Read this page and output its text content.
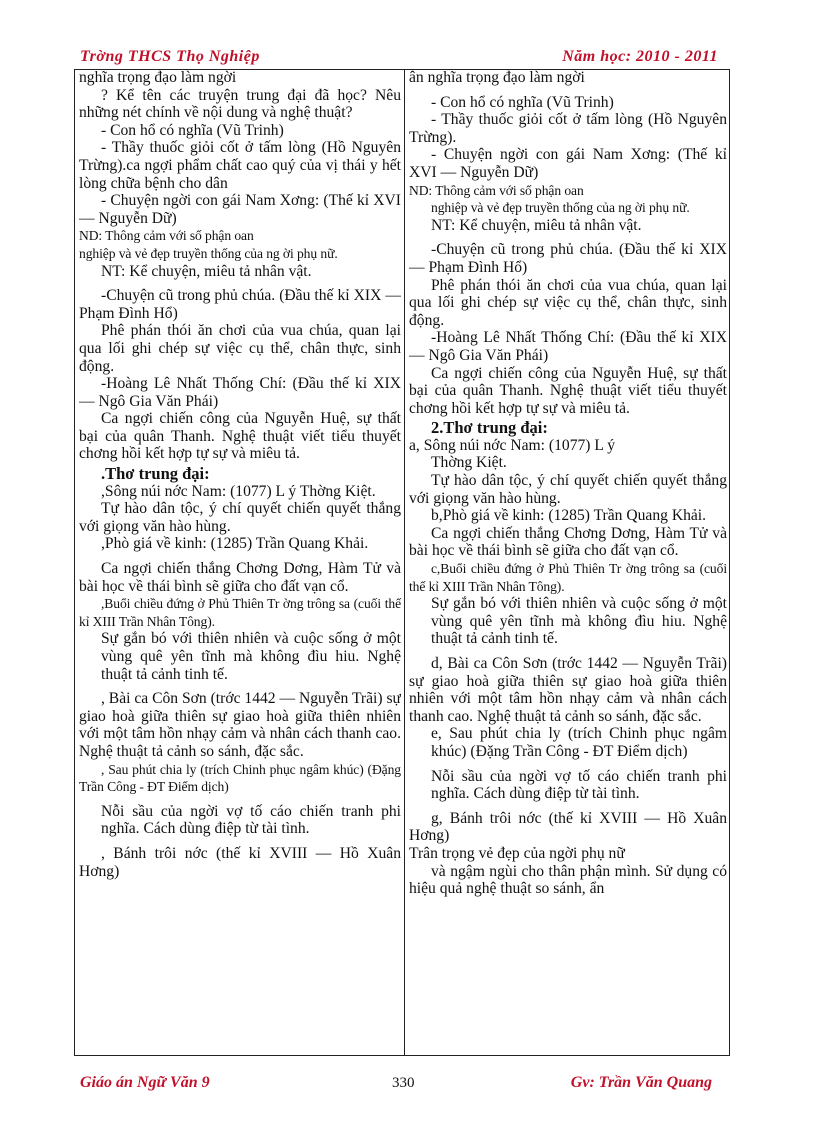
Trờng THCS Thọ Nghiệp	Năm học: 2010 - 2011

nghĩa trọng đạo làm ngời

? Kể tên các truyện trung đại đã học? Nêu những nét chính về nội dung và nghệ thuật?

- Con hổ có nghĩa (Vũ Trinh)

- Thầy thuốc giỏi cốt ở tấm lòng (Hồ Nguyên Trừng).ca ngợi phẩm chất cao quý của vị thái y hết lòng chữa bệnh cho dân

- Chuyện ngời con gái Nam Xơng: (Thế kỉ XVI — Nguyễn Dữ)

ND: Thông cảm với số phận oan

nghiệp và vẻ đẹp truyền thống của ng ời phụ nữ.

NT: Kể chuyện, miêu tả nhân vật.

-Chuyện cũ trong phủ chúa. (Đầu thế kỉ XIX — Phạm Đình Hổ)

Phê phán thói ăn chơi của vua chúa, quan lại qua lối ghi chép sự việc cụ thể, chân thực, sinh động.

-Hoàng Lê Nhất Thống Chí: (Đầu thế kỉ XIX — Ngô Gia Văn Phái)

Ca ngợi chiến công của Nguyễn Huệ, sự thất bại của quân Thanh. Nghệ thuật viết tiểu thuyết chơng hồi kết hợp tự sự và miêu tả.

.Thơ trung đại:

,Sông núi nớc Nam: (1077) L ý Thờng Kiệt.

Tự hào dân tộc, ý chí quyết chiến quyết thắng với giọng văn hào hùng.

,Phò giá về kinh: (1285) Trần Quang Khải.

Ca ngợi chiến thắng Chơng Dơng, Hàm Tử và bài học về thái bình sẽ giữa cho đất vạn cổ.

,Buổi chiều đứng ở Phủ Thiên Tr ờng trông sa (cuối thế kỉ XIII Trần Nhân Tông).

Sự gắn bó với thiên nhiên và cuộc sống ở một vùng quê yên tĩnh mà không đìu hiu. Nghệ thuật tả cảnh tinh tế.

, Bài ca Côn Sơn (trớc 1442 — Nguyễn Trãi) sự giao hoà giữa thiên sự giao hoà giữa thiên nhiên với một tâm hồn nhạy cảm và nhân cách thanh cao. Nghệ thuật tả cảnh so sánh, đặc sắc.

, Sau phút chia ly (trích Chinh phục ngâm khúc) (Đặng Trần Công - ĐT Điểm dịch)

Nỗi sầu của ngời vợ tố cáo chiến tranh phi nghĩa. Cách dùng điệp từ tài tình.

, Bánh trôi nớc (thế kỉ XVIII — Hồ Xuân Hơng)

ân nghĩa trọng đạo làm ngời

- Con hổ có nghĩa (Vũ Trinh)

- Thầy thuốc giỏi cốt ở tấm lòng (Hồ Nguyên Trừng).

- Chuyện ngời con gái Nam Xơng: (Thế kỉ XVI — Nguyễn Dữ)

ND: Thông cảm với số phận oan

nghiệp và vẻ đẹp truyền thống của ng ời phụ nữ.

NT: Kể chuyện, miêu tả nhân vật.

-Chuyện cũ trong phủ chúa. (Đầu thế kỉ XIX — Phạm Đình Hổ)

Phê phán thói ăn chơi của vua chúa, quan lại qua lối ghi chép sự việc cụ thể, chân thực, sinh động.

-Hoàng Lê Nhất Thống Chí: (Đầu thế kỉ XIX — Ngô Gia Văn Phái)

Ca ngợi chiến công của Nguyễn Huệ, sự thất bại của quân Thanh. Nghệ thuật viết tiểu thuyết chơng hồi kết hợp tự sự và miêu tả.

2.Thơ trung đại:

a, Sông núi nớc Nam: (1077) L ý

Thờng Kiệt.

Tự hào dân tộc, ý chí quyết chiến quyết thắng với giọng văn hào hùng.

b,Phò giá về kinh: (1285) Trần Quang Khải.

Ca ngợi chiến thắng Chơng Dơng, Hàm Tử và bài học về thái bình sẽ giữa cho đất vạn cổ.

c,Buổi chiều đứng ở Phủ Thiên Tr ờng trông sa (cuối thế kỉ XIII Trần Nhân Tông).

Sự gắn bó với thiên nhiên và cuộc sống ở một vùng quê yên tĩnh mà không đìu hiu. Nghệ thuật tả cảnh tinh tế.

d, Bài ca Côn Sơn (trớc 1442 — Nguyễn Trãi) sự giao hoà giữa thiên sự giao hoà giữa thiên nhiên với một tâm hồn nhạy cảm và nhân cách thanh cao. Nghệ thuật tả cảnh so sánh, đặc sắc.

e, Sau phút chia ly (trích Chinh phục ngâm khúc) (Đặng Trần Công - ĐT Điểm dịch)

Nỗi sầu của ngời vợ tố cáo chiến tranh phi nghĩa. Cách dùng điệp từ tài tình.

g, Bánh trôi nớc (thế kỉ XVIII — Hồ Xuân Hơng)

Trân trọng vẻ đẹp của ngời phụ nữ

và ngậm ngùi cho thân phận mình. Sử dụng có hiệu quả nghệ thuật so sánh, ẩn

Giáo án Ngữ Văn 9	330	Gv: Trần Văn Quang
